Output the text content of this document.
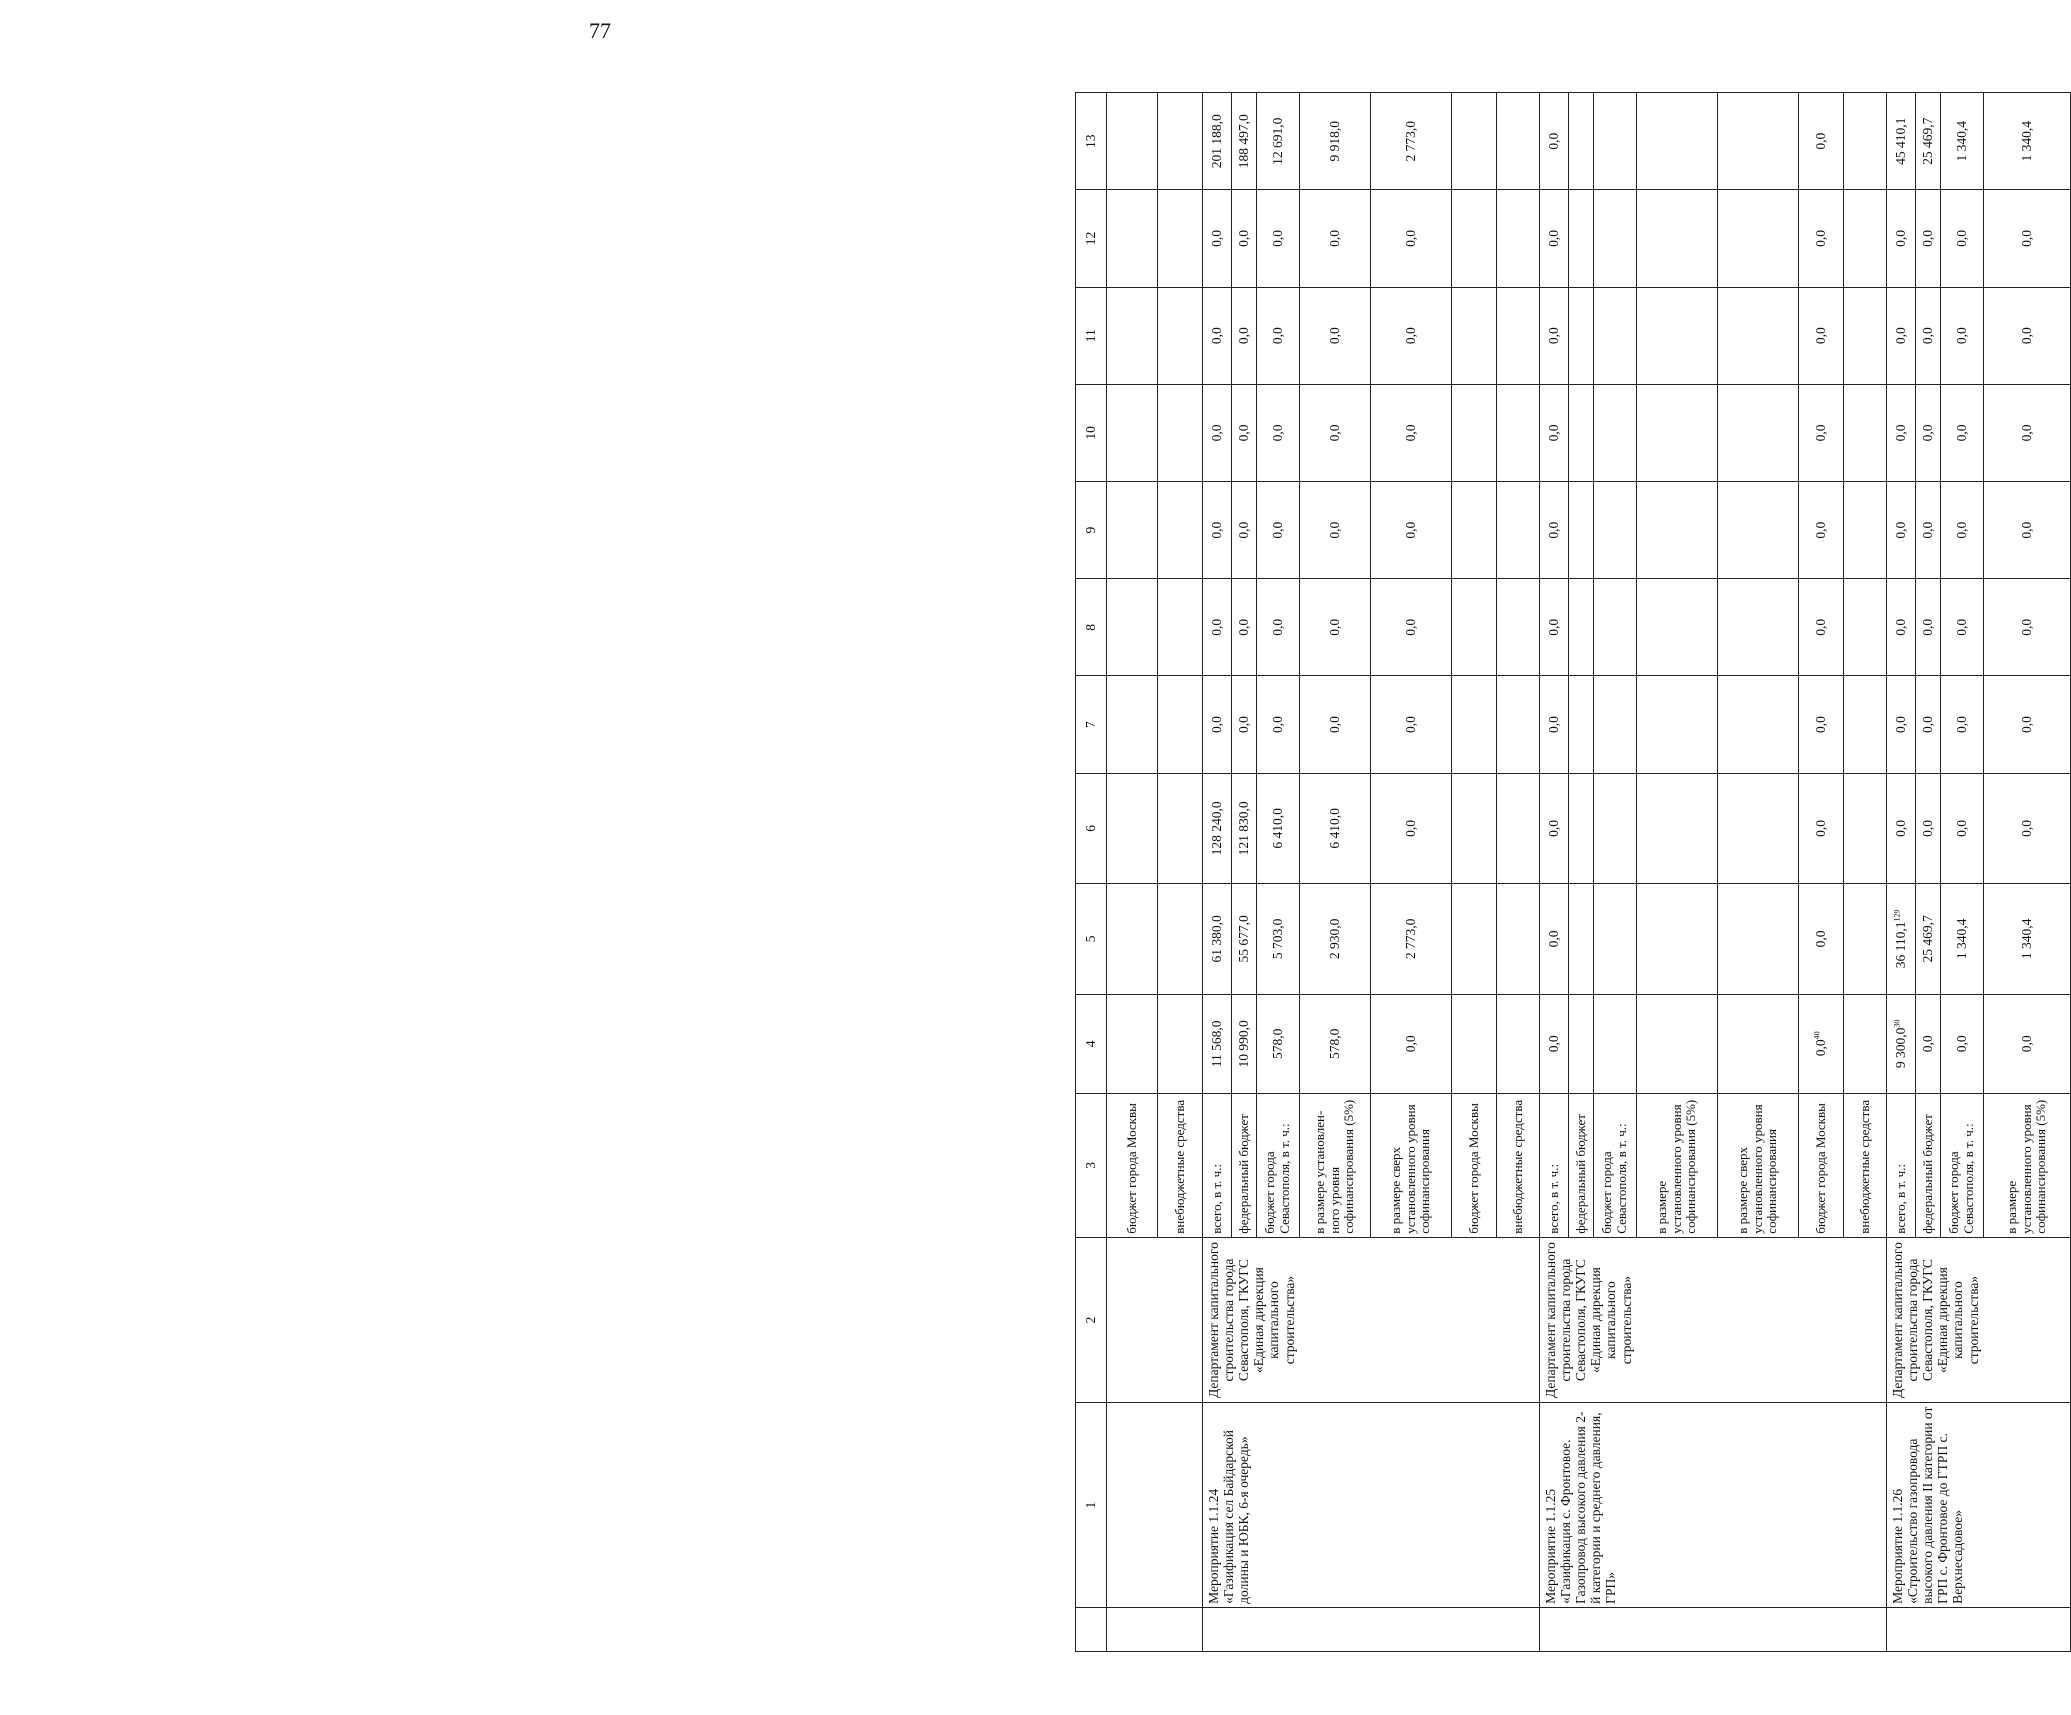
77
	1	2	3	4	5	6	7	8	9	10	11	12	13
			бюджет города Москвы										
			внебюджетные средства										
	Мероприятие 1.1.24 «Газификация сел Байдарской долины и ЮБК, 6-я очередь»	Департамент капитального строительства города Севастополя, ГКУГС «Единая дирекция капитального строительства»	всего, в т. ч.:	11 568,0	61 380,0	128 240,0	0,0	0,0	0,0	0,0	0,0	0,0	201 188,0
			федеральный бюджет	10 990,0	55 677,0	121 830,0	0,0	0,0	0,0	0,0	0,0	0,0	188 497,0
			бюджет города Севастополя, в т. ч.:	578,0	5 703,0	6 410,0	0,0	0,0	0,0	0,0	0,0	0,0	12 691,0
			в размере установлен-ного уровня софинансирования (5%)	578,0	2 930,0	6 410,0	0,0	0,0	0,0	0,0	0,0	0,0	9 918,0
			в размере сверх установленного уровня софинансирования	0,0	2 773,0	0,0	0,0	0,0	0,0	0,0	0,0	0,0	2 773,0
			бюджет города Москвы										
			внебюджетные средства										
	Мероприятие 1.1.25 «Газификация с. Фронтовое. Газопровод высокого давления 2-й категории и среднего давления, ГРП»	Департамент капитального строительства города Севастополя, ГКУГС «Единая дирекция капитального строительства»	всего, в т. ч.:	0,0	0,0	0,0	0,0	0,0	0,0	0,0	0,0	0,0	0,0
			федеральный бюджет										
			бюджет города Севастополя, в т. ч.:										
			в размере установленного уровня софинансирования (5%)										
			в размере сверх установленного уровня софинансирования										
			бюджет города Москвы	$0,0^{40}$	0,0	0,0	0,0	0,0	0,0	0,0	0,0	0,0	0,0
			внебюджетные средства										
	Мероприятие 1.1.26 «Строительство газопровода высокого давления II категории от ГРП с. Фронтовое до ГТРП с. Верхнесадовое»	Департамент капитального строительства города Севастополя, ГКУГС «Единая дирекция капитального строительства»	всего, в т. ч.:	9 300,0$^{30}$	36 110,1$^{129}$	0,0	0,0	0,0	0,0	0,0	0,0	0,0	45 410,1
			федеральный бюджет	0,0	25 469,7	0,0	0,0	0,0	0,0	0,0	0,0	0,0	25 469,7
			бюджет города Севастополя, в т. ч.:	0,0	1 340,4	0,0	0,0	0,0	0,0	0,0	0,0	0,0	1 340,4
			в размере установленного уровня софинансирования (5%)	0,0	1 340,4	0,0	0,0	0,0	0,0	0,0	0,0	0,0	1 340,4
